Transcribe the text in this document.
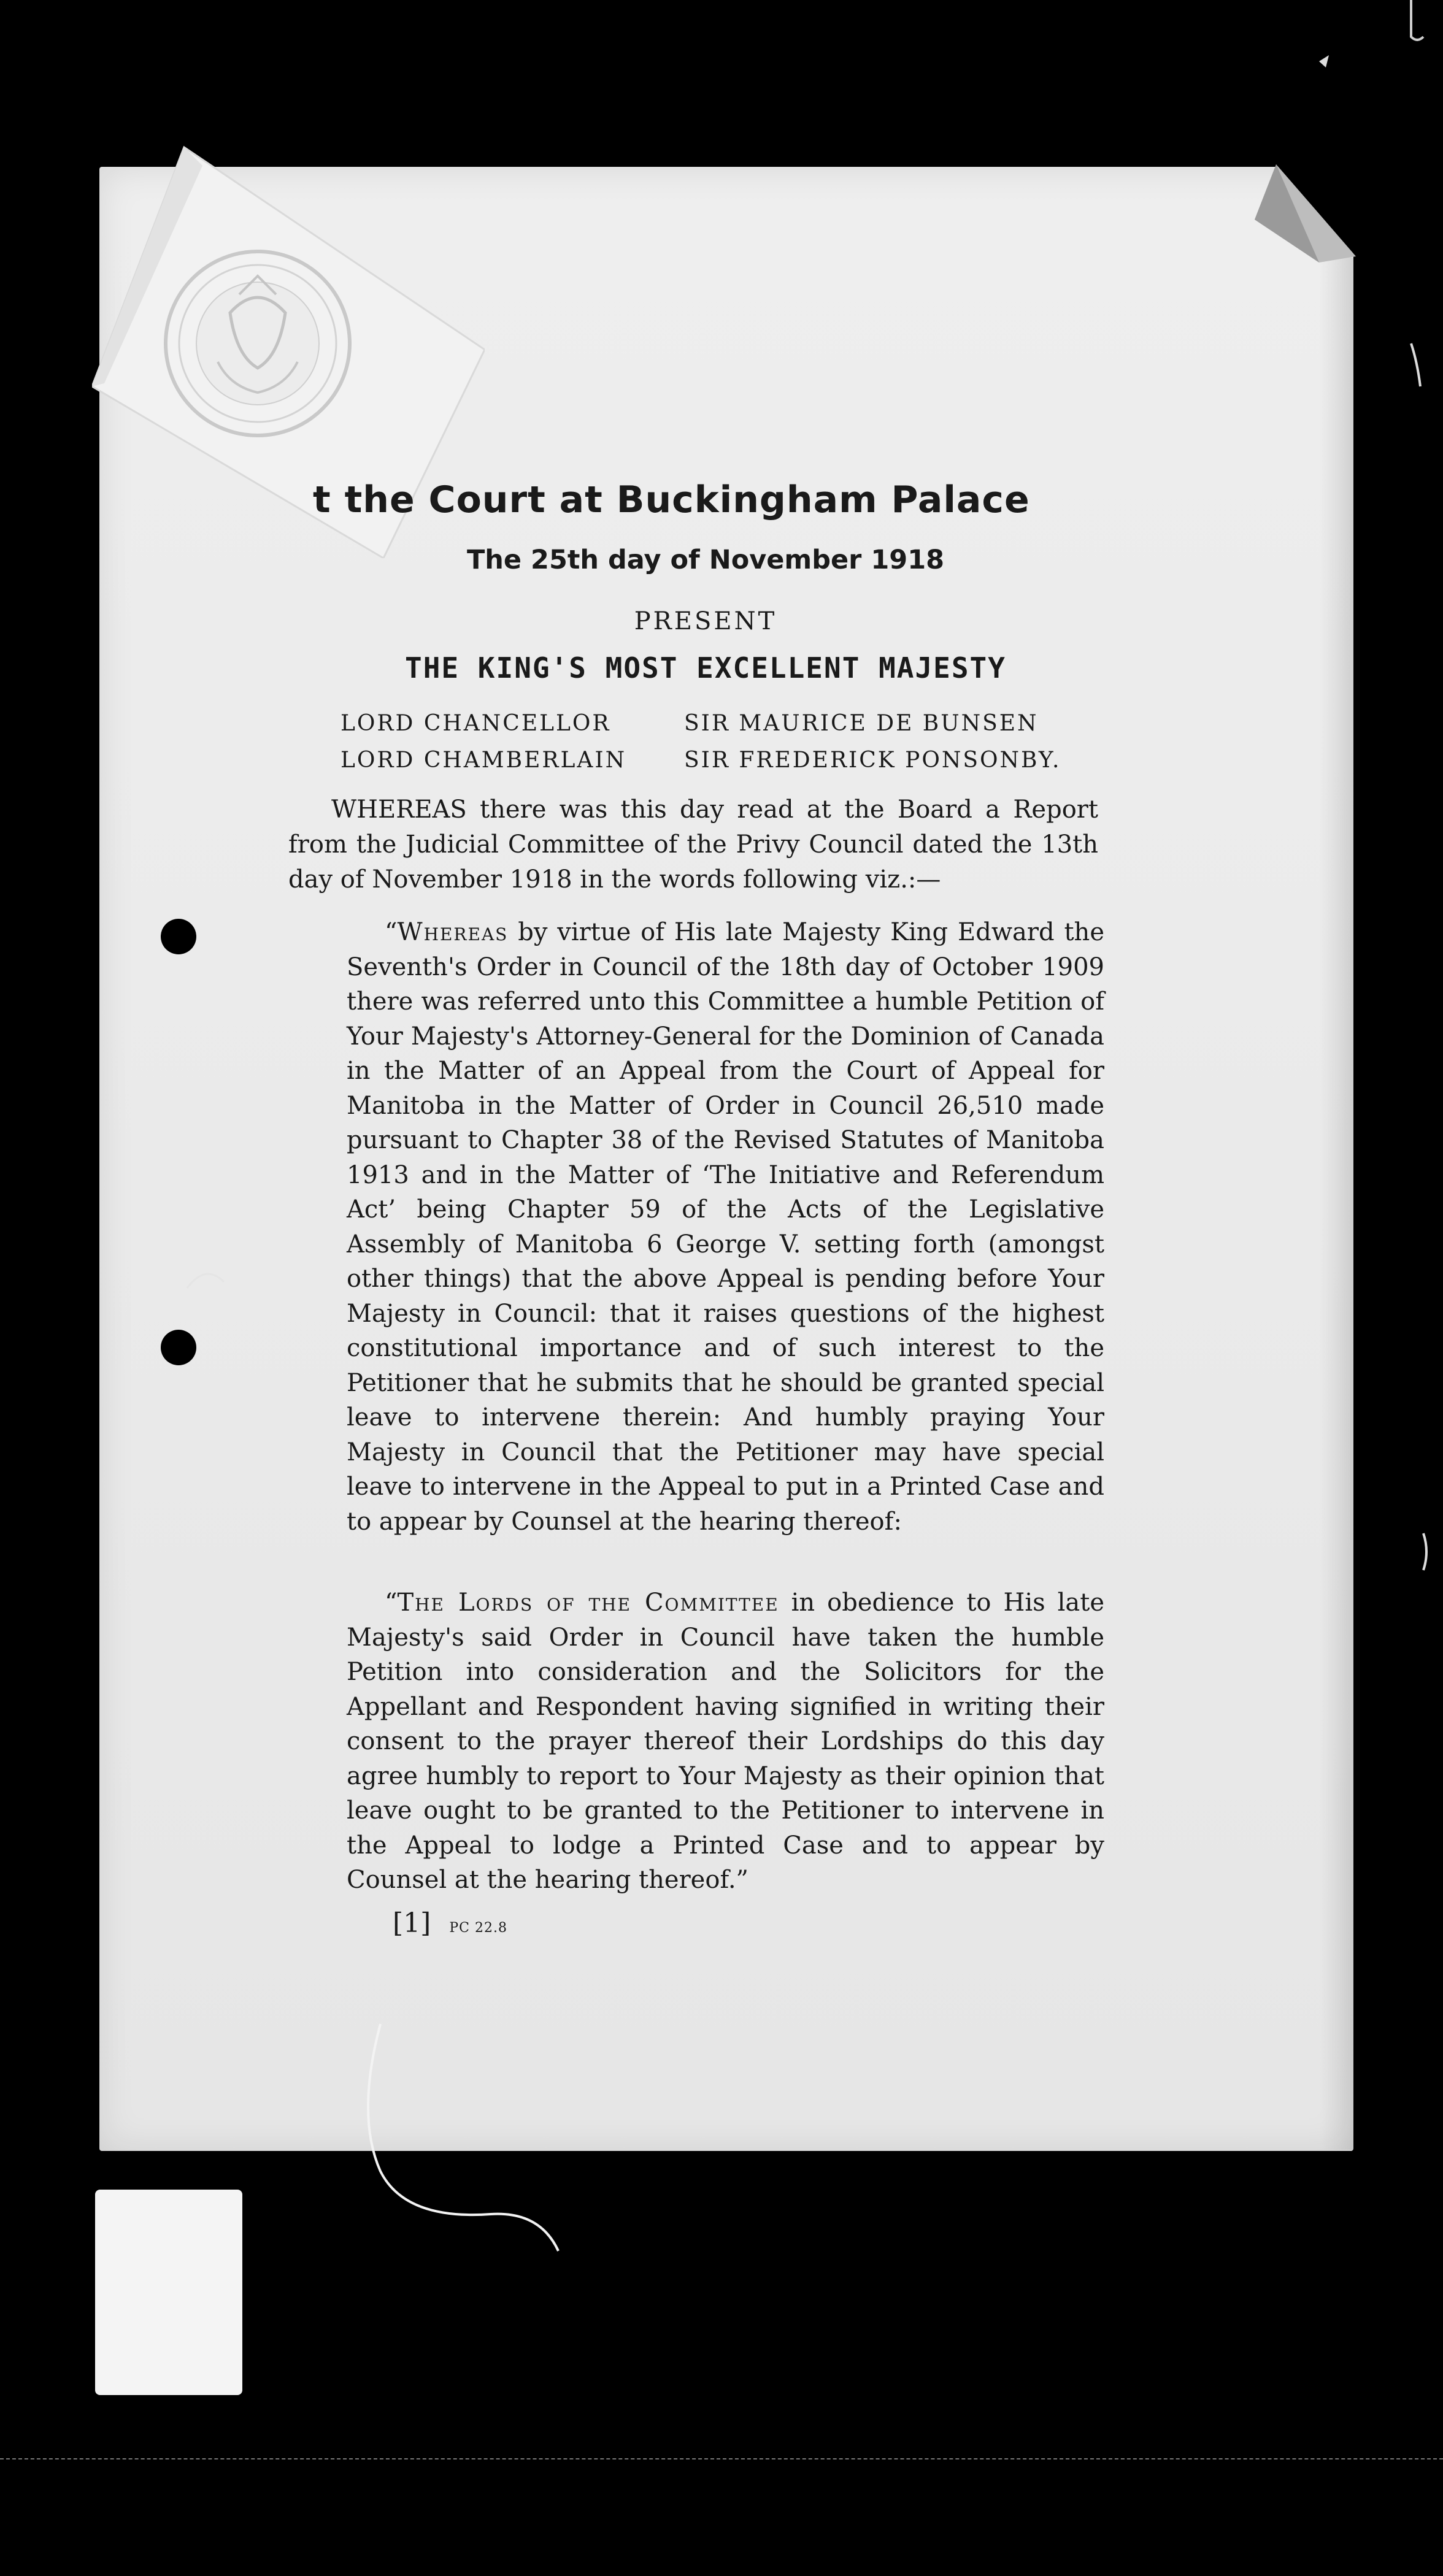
t the Court at Buckingham Palace
The 25th day of November 1918
PRESENT
THE KING'S MOST EXCELLENT MAJESTY
LORD CHANCELLOR	SIR MAURICE DE BUNSEN
LORD CHAMBERLAIN	SIR FREDERICK PONSONBY.
WHEREAS there was this day read at the Board a Report from the Judicial Committee of the Privy Council dated the 13th day of November 1918 in the words following viz.:—
“Whereas by virtue of His late Majesty King Edward the Seventh's Order in Council of the 18th day of October 1909 there was referred unto this Committee a humble Petition of Your Majesty's Attorney-General for the Dominion of Canada in the Matter of an Appeal from the Court of Appeal for Manitoba in the Matter of Order in Council 26,510 made pursuant to Chapter 38 of the Revised Statutes of Manitoba 1913 and in the Matter of ‘The Initiative and Referendum Act’ being Chapter 59 of the Acts of the Legislative Assembly of Manitoba 6 George V. setting forth (amongst other things) that the above Appeal is pending before Your Majesty in Council: that it raises questions of the highest constitutional importance and of such interest to the Petitioner that he submits that he should be granted special leave to intervene therein: And humbly praying Your Majesty in Council that the Petitioner may have special leave to intervene in the Appeal to put in a Printed Case and to appear by Counsel at the hearing thereof:
“The Lords of the Committee in obedience to His late Majesty's said Order in Council have taken the humble Petition into consideration and the Solicitors for the Appellant and Respondent having signified in writing their consent to the prayer thereof their Lordships do this day agree humbly to report to Your Majesty as their opinion that leave ought to be granted to the Petitioner to intervene in the Appeal to lodge a Printed Case and to appear by Counsel at the hearing thereof.”
[1] PC 22.8
